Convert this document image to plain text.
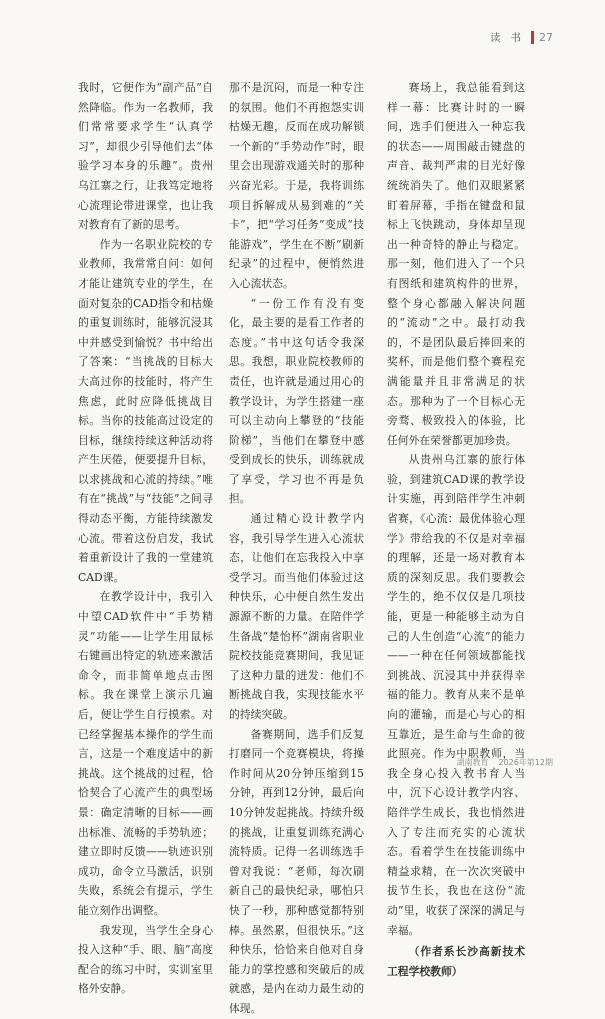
读书 27

我时，它便作为“副产品”自然降临。作为一名教师，我们常常要求学生“认真学习”，却很少引导他们去“体验学习本身的乐趣”。贵州乌江寨之行，让我笃定地将心流理论带进课堂，也让我对教育有了新的思考。

作为一名职业院校的专业教师，我常常自问：如何才能让建筑专业的学生，在面对复杂的CAD指令和枯燥的重复训练时，能够沉浸其中并感受到愉悦？书中给出了答案：“当挑战的目标大大高过你的技能时，将产生焦虑，此时应降低挑战目标。当你的技能高过设定的目标，继续持续这种活动将产生厌倦，便要提升目标，以求挑战和心流的持续。”唯有在“挑战”与“技能”之间寻得动态平衡，方能持续激发心流。带着这份启发，我试着重新设计了我的一堂建筑CAD课。

在教学设计中，我引入中望CAD软件中“手势精灵”功能——让学生用鼠标右键画出特定的轨迹来激活命令，而非简单地点击图标。我在课堂上演示几遍后，便让学生自行摸索。对已经掌握基本操作的学生而言，这是一个难度适中的新挑战。这个挑战的过程，恰恰契合了心流产生的典型场景：确定清晰的目标——画出标准、流畅的手势轨迹；建立即时反馈——轨迹识别成功，命令立马激活，识别失败，系统会有提示，学生能立刻作出调整。

我发现，当学生全身心投入这种“手、眼、脑”高度配合的练习中时，实训室里格外安静。

那不是沉闷，而是一种专注的氛围。他们不再抱怨实训枯燥无趣，反而在成功解锁一个新的“手势动作”时，眼里会出现游戏通关时的那种兴奋光彩。于是，我将训练项目拆解成从易到难的“关卡”，把“学习任务”变成“技能游戏”，学生在不断“刷新纪录”的过程中，便悄然进入心流状态。

“一份工作有没有变化，最主要的是看工作者的态度。”书中这句话令我深思。我想，职业院校教师的责任，也许就是通过用心的教学设计，为学生搭建一座可以主动向上攀登的“技能阶梯”，当他们在攀登中感受到成长的快乐，训练就成了享受，学习也不再是负担。

通过精心设计教学内容，我引导学生进入心流状态，让他们在忘我投入中享受学习。而当他们体验过这种快乐，心中便自然生发出源源不断的力量。在陪伴学生备战“楚怡杯”湖南省职业院校技能竞赛期间，我见证了这种力量的迸发：他们不断挑战自我，实现技能水平的持续突破。

备赛期间，选手们反复打磨同一个竞赛模块，将操作时间从20分钟压缩到15分钟，再到12分钟，最后向10分钟发起挑战。持续升级的挑战，让重复训练充满心流特质。记得一名训练选手曾对我说：“老师，每次刷新自己的最快纪录，哪怕只快了一秒，那种感觉都特别棒。虽然累，但很快乐。”这种快乐，恰恰来自他对自身能力的掌控感和突破后的成就感，是内在动力最生动的体现。

赛场上，我总能看到这样一幕：比赛计时的一瞬间，选手们便进入一种忘我的状态——周围敲击键盘的声音、裁判严肃的目光好像统统消失了。他们双眼紧紧盯着屏幕，手指在键盘和鼠标上飞快跳动，身体却呈现出一种奇特的静止与稳定。那一刻，他们进入了一个只有图纸和建筑构件的世界，整个身心都融入解决问题的“流动”之中。最打动我的，不是团队最后捧回来的奖杯，而是他们整个赛程充满能量并且非常满足的状态。那种为了一个目标心无旁骛、极致投入的体验，比任何外在荣誉都更加珍贵。

从贵州乌江寨的旅行体验，到建筑CAD课的教学设计实施，再到陪伴学生冲刺省赛，《心流：最优体验心理学》带给我的不仅是对幸福的理解，还是一场对教育本质的深刻反思。我们要教会学生的，绝不仅仅是几项技能，更是一种能够主动为自己的人生创造“心流”的能力——一种在任何领域都能找到挑战、沉浸其中并获得幸福的能力。教育从来不是单向的灌输，而是心与心的相互靠近，是生命与生命的彼此照亮。作为中职教师，当我全身心投入教书育人当中，沉下心设计教学内容、陪伴学生成长，我也悄然进入了专注而充实的心流状态。看着学生在技能训练中精益求精，在一次次突破中拔节生长，我也在这份“流动”里，收获了深深的满足与幸福。

（作者系长沙高新技术工程学校教师）

湖南教育 2026年第12期
